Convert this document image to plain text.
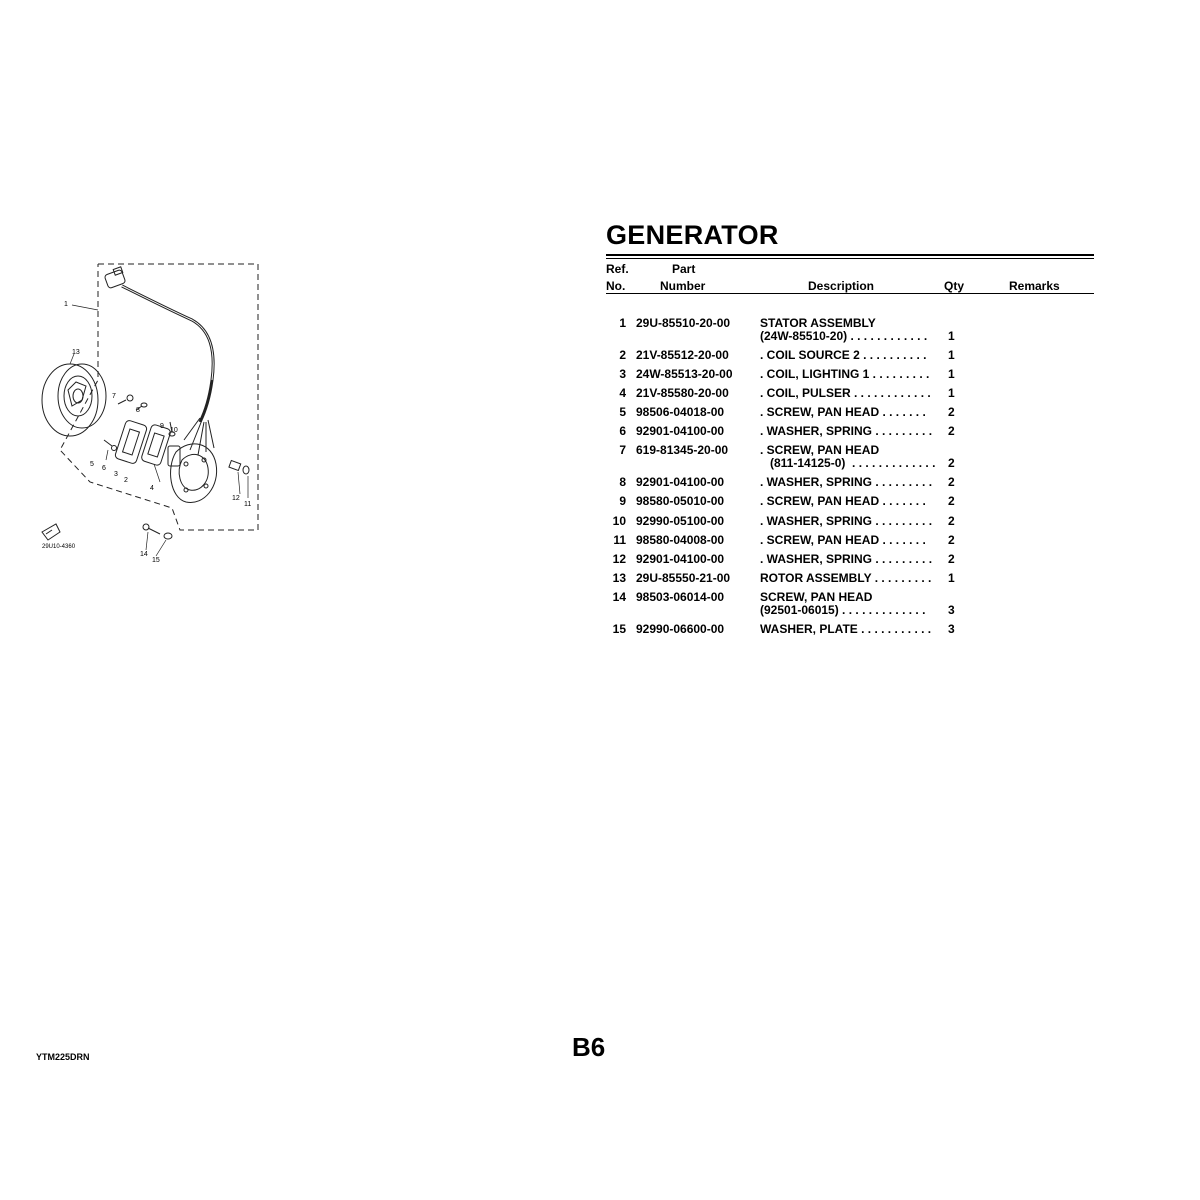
1
13
7
8
9
10
5
6
3
2
4
12
11
14
15
29U10-4360
GENERATOR
Ref.
No.
Part
Number	Description	Qty	Remarks
1 29U-85510-20-00 STATOR ASSEMBLY
(24W-85510-20) . . . . . . . . . . . . 1
2 21V-85512-20-00	. COIL SOURCE 2 . . . . . . . . . . 1
3 24W-85513-20-00 . COIL, LIGHTING 1 . . . . . . . . . 1
4 21V-85580-20-00	. COIL, PULSER . . . . . . . . . . . . 1
5 98506-04018-00	. SCREW, PAN HEAD . . . . . . . 2
6 92901-04100-00	. WASHER, SPRING . . . . . . . . . 2
7 619-81345-20-00	. SCREW, PAN HEAD
(811-14125-0)  . . . . . . . . . . . . . 2
8 92901-04100-00	. WASHER, SPRING . . . . . . . . . 2
9 98580-05010-00	. SCREW, PAN HEAD . . . . . . . 2
10 92990-05100-00	. WASHER, SPRING . . . . . . . . . 2
11 98580-04008-00	. SCREW, PAN HEAD . . . . . . . 2
12 92901-04100-00	. WASHER, SPRING . . . . . . . . . 2
13 29U-85550-21-00 ROTOR ASSEMBLY . . . . . . . . . 1
14 98503-06014-00	SCREW, PAN HEAD
(92501-06015) . . . . . . . . . . . . . 3
15 92990-06600-00	WASHER, PLATE . . . . . . . . . . . 3
B6
YTM225DRN
